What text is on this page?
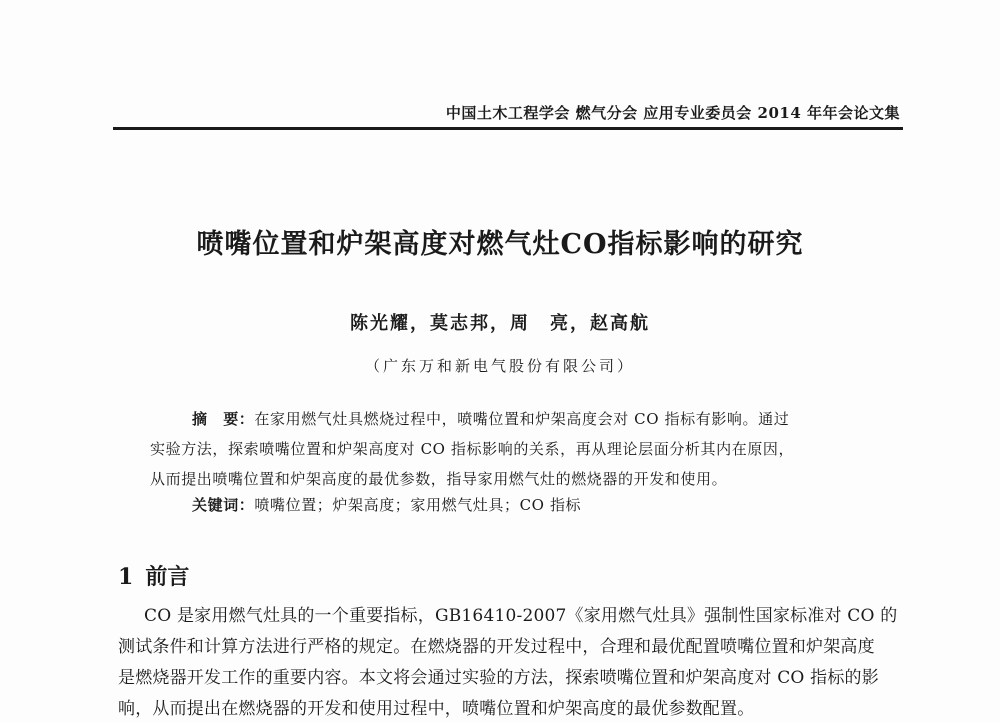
中国土木工程学会 燃气分会 应用专业委员会 2014 年年会论文集
喷嘴位置和炉架高度对燃气灶CO指标影响的研究
陈光耀，莫志邦，周　亮，赵高航
（广东万和新电气股份有限公司）
摘　要：在家用燃气灶具燃烧过程中，喷嘴位置和炉架高度会对 CO 指标有影响。通过
实验方法，探索喷嘴位置和炉架高度对 CO 指标影响的关系，再从理论层面分析其内在原因，
从而提出喷嘴位置和炉架高度的最优参数，指导家用燃气灶的燃烧器的开发和使用。
关键词：喷嘴位置；炉架高度；家用燃气灶具；CO 指标
1 前言
CO 是家用燃气灶具的一个重要指标，GB16410-2007《家用燃气灶具》强制性国家标准对 CO 的
测试条件和计算方法进行严格的规定。在燃烧器的开发过程中，合理和最优配置喷嘴位置和炉架高度
是燃烧器开发工作的重要内容。本文将会通过实验的方法，探索喷嘴位置和炉架高度对 CO 指标的影
响，从而提出在燃烧器的开发和使用过程中，喷嘴位置和炉架高度的最优参数配置。
